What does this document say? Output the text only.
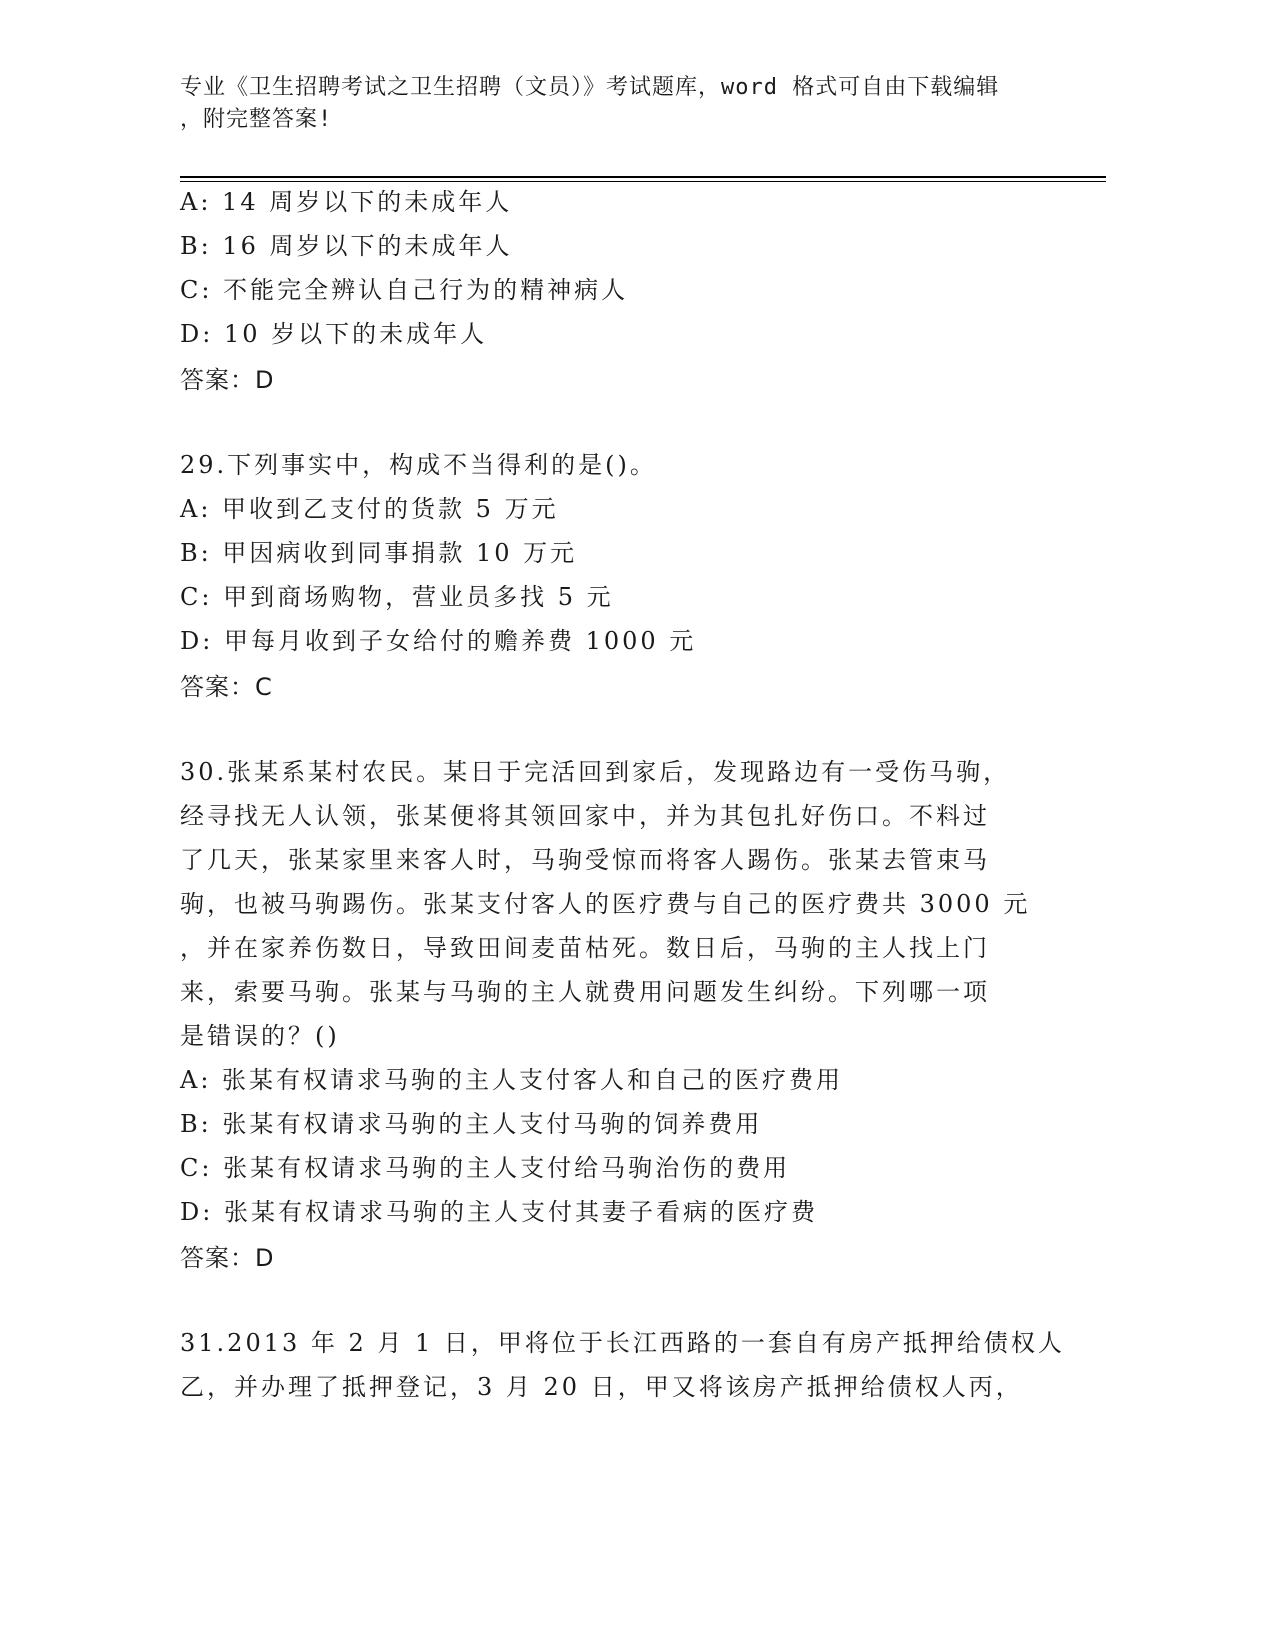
专业《卫生招聘考试之卫生招聘（文员）》考试题库，word 格式可自由下载编辑
，附完整答案!
A: 14 周岁以下的未成年人
B: 16 周岁以下的未成年人
C: 不能完全辨认自己行为的精神病人
D: 10 岁以下的未成年人
答案：D
29.下列事实中，构成不当得利的是()。
A: 甲收到乙支付的货款 5 万元
B: 甲因病收到同事捐款 10 万元
C: 甲到商场购物，营业员多找 5 元
D: 甲每月收到子女给付的赡养费 1000 元
答案：C
30.张某系某村农民。某日于完活回到家后，发现路边有一受伤马驹，
经寻找无人认领，张某便将其领回家中，并为其包扎好伤口。不料过
了几天，张某家里来客人时，马驹受惊而将客人踢伤。张某去管束马
驹，也被马驹踢伤。张某支付客人的医疗费与自己的医疗费共 3000 元
，并在家养伤数日，导致田间麦苗枯死。数日后，马驹的主人找上门
来，索要马驹。张某与马驹的主人就费用问题发生纠纷。下列哪一项
是错误的？()
A: 张某有权请求马驹的主人支付客人和自己的医疗费用
B: 张某有权请求马驹的主人支付马驹的饲养费用
C: 张某有权请求马驹的主人支付给马驹治伤的费用
D: 张某有权请求马驹的主人支付其妻子看病的医疗费
答案：D
31.2013 年 2 月 1 日，甲将位于长江西路的一套自有房产抵押给债权人
乙，并办理了抵押登记，3 月 20 日，甲又将该房产抵押给债权人丙，
